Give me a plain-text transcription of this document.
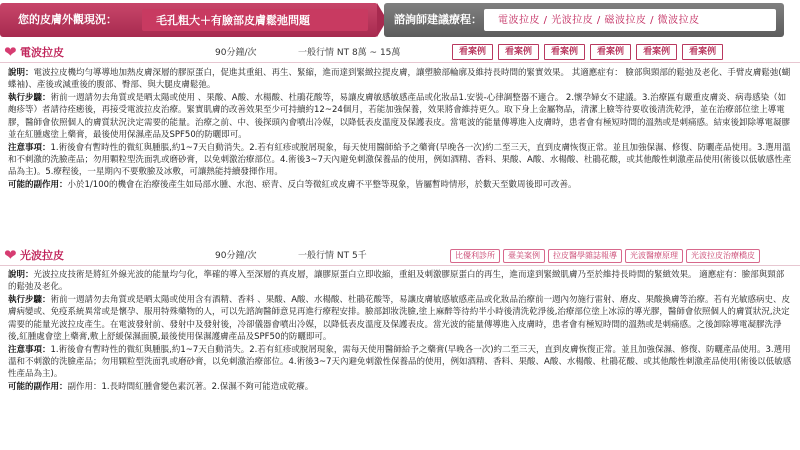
您的皮膚外觀現況：	毛孔粗大＋有臉部皮膚鬆弛問題	諮詢師建議療程：	電波拉皮 / 光波拉皮 / 磁波拉皮 / 微波拉皮
❤ 電波拉皮	90分鐘/次	一般行情 NT 8萬 ~ 15萬	看案例	看案例	看案例	看案例	看案例	看案例

說明：電波拉皮機均勻導導地加熱皮膚深層的膠原蛋白，促進其重組、再生、緊縮，進而達到緊緻拉提皮膚，讓塑臉部輪廓及維持長時間的緊實效果。 其適應症有： 臉部與頸部的鬆弛及老化、手臂皮膚鬆弛(蝴蝶袖)、產後或減重後的腹部、臀部、與大腿皮膚鬆弛。

執行步驟：術前一週請勿去角質或是晒太陽或使用 、果酸、A酸、水楊酸、杜鵑花酸等，易讓皮膚敏感敏感產品或化妝品1.安裝-心律調整器不適合。 2.懷孕婦女不建議。3.治療區有嚴重皮膚炎、病毒感染（如皰疹等）者請待痊癒後，再接受電波拉皮治療。緊實肌膚的改善效果至少可持續約12~24個月，若能加強保養，效果將會維持更久。取下身上金屬物品，清潔上臉等待要收後清洗乾淨，並在治療部位塗上導電膠，醫師會依照個人的膚質狀況決定需要的能量。治療之前、中、後探頭內會噴出冷媒，以降低表皮溫度及保護表皮。當電波的能量傳導進入皮膚時，患者會有極短時間的溫熱或是刺痛感。結束後卸除導電凝膠並在紅腫處塗上藥膏，最後使用保濕產品及SPF50的防曬即可。

注意事項：1.術後會有暫時性的微紅與腫脹,約1~7天自動消失。2.若有紅疹或脫屑現象，每天使用醫師給予之藥膏(早晚各一次)約二至三天，直到皮膚恢復正常。並且加強保濕、修復、防曬產品使用。3.選用溫和不刺激的洗臉產品；勿用顆粒型洗面乳或磨砂膏，以免刺激治療部位。4.術後3~7天內避免刺激保養品的使用，例如酒精、香料、果酸、A酸、水楊酸、杜鵑花酸，或其他酸性刺激產品使用(術後以低敏感性產品為主)。5.療程後，一星期內不要敷臉及冰敷，可讓熱能持續發揮作用。

可能的副作用：小於1/100的機會在治療後產生如局部水腫、水泡、瘀青、反白等微紅或皮膚不平整等現象，皆屬暫時情形，於數天至數周後即可改善。

❤ 光波拉皮	90分鐘/次	一般行情 NT 5千	比優利診所	臺美案例	拉皮醫學雜誌報導	光波醫療原理	光波拉皮治療橋皮

說明：光波拉皮技術是將紅外線光波的能量均勻化，準確的導入至深層的真皮層，讓膠原蛋白立即收縮，重組及刺激膠原蛋白的再生，進而達到緊緻肌膚乃至於維持長時間的緊緻效果。 適應症有：臉部與頸部的鬆弛及老化。

執行步驟：術前一週請勿去角質或是晒太陽或使用含有酒精、香料 、果酸、A酸、水楊酸、杜鵑花酸等，易讓皮膚敏感敏感產品或化妝品治療前一週內勿施行雷射、磨皮、果酸換膚等治療。若有光敏感病史、皮膚病變或、免疫系統異常或是懷孕、服用特殊藥物的人，可以先諮詢醫師意見再進行療程安排。臉部卸妝洗臉,塗上麻醉等待約半小時後清洗乾淨後,治療部位塗上冰涼的導光膠，醫師會依照個人的膚質狀況,決定需要的能量光波拉皮產生。在電波發射前、發射中及發射後，冷卻儀器會噴出冷媒，以降低表皮溫度及保護表皮。當光波的能量傳導進入皮膚時，患者會有極短時間的溫熱或是刺痛感。之後卸除導電凝膠洗淨後,紅腫處會塗上藥膏,敷上舒緩保濕面膜,最後使用保濕護膚產品及SPF50的防曬即可。

注意事項：1.術後會有暫時性的微紅與腫脹,約1~7天自動消失。2.若有紅疹或脫屑現象，需每天使用醫師給予之藥膏(早晚各一次)約二至三天，直到皮膚恢復正常。並且加強保濕、修復、防曬產品使用。3.選用溫和不刺激的洗臉產品；勿用顆粒型洗面乳或磨砂膏，以免刺激治療部位。4.術後3~7天內避免刺激性保養品的使用，例如酒精、香料、果酸、A酸、水楊酸、杜鵑花酸、或其他酸性刺激產品使用(術後以低敏感性產品為主)。

可能的副作用：副作用：1.長時間紅腫會變色素沉著。2.保濕不夠可能造成乾癢。
